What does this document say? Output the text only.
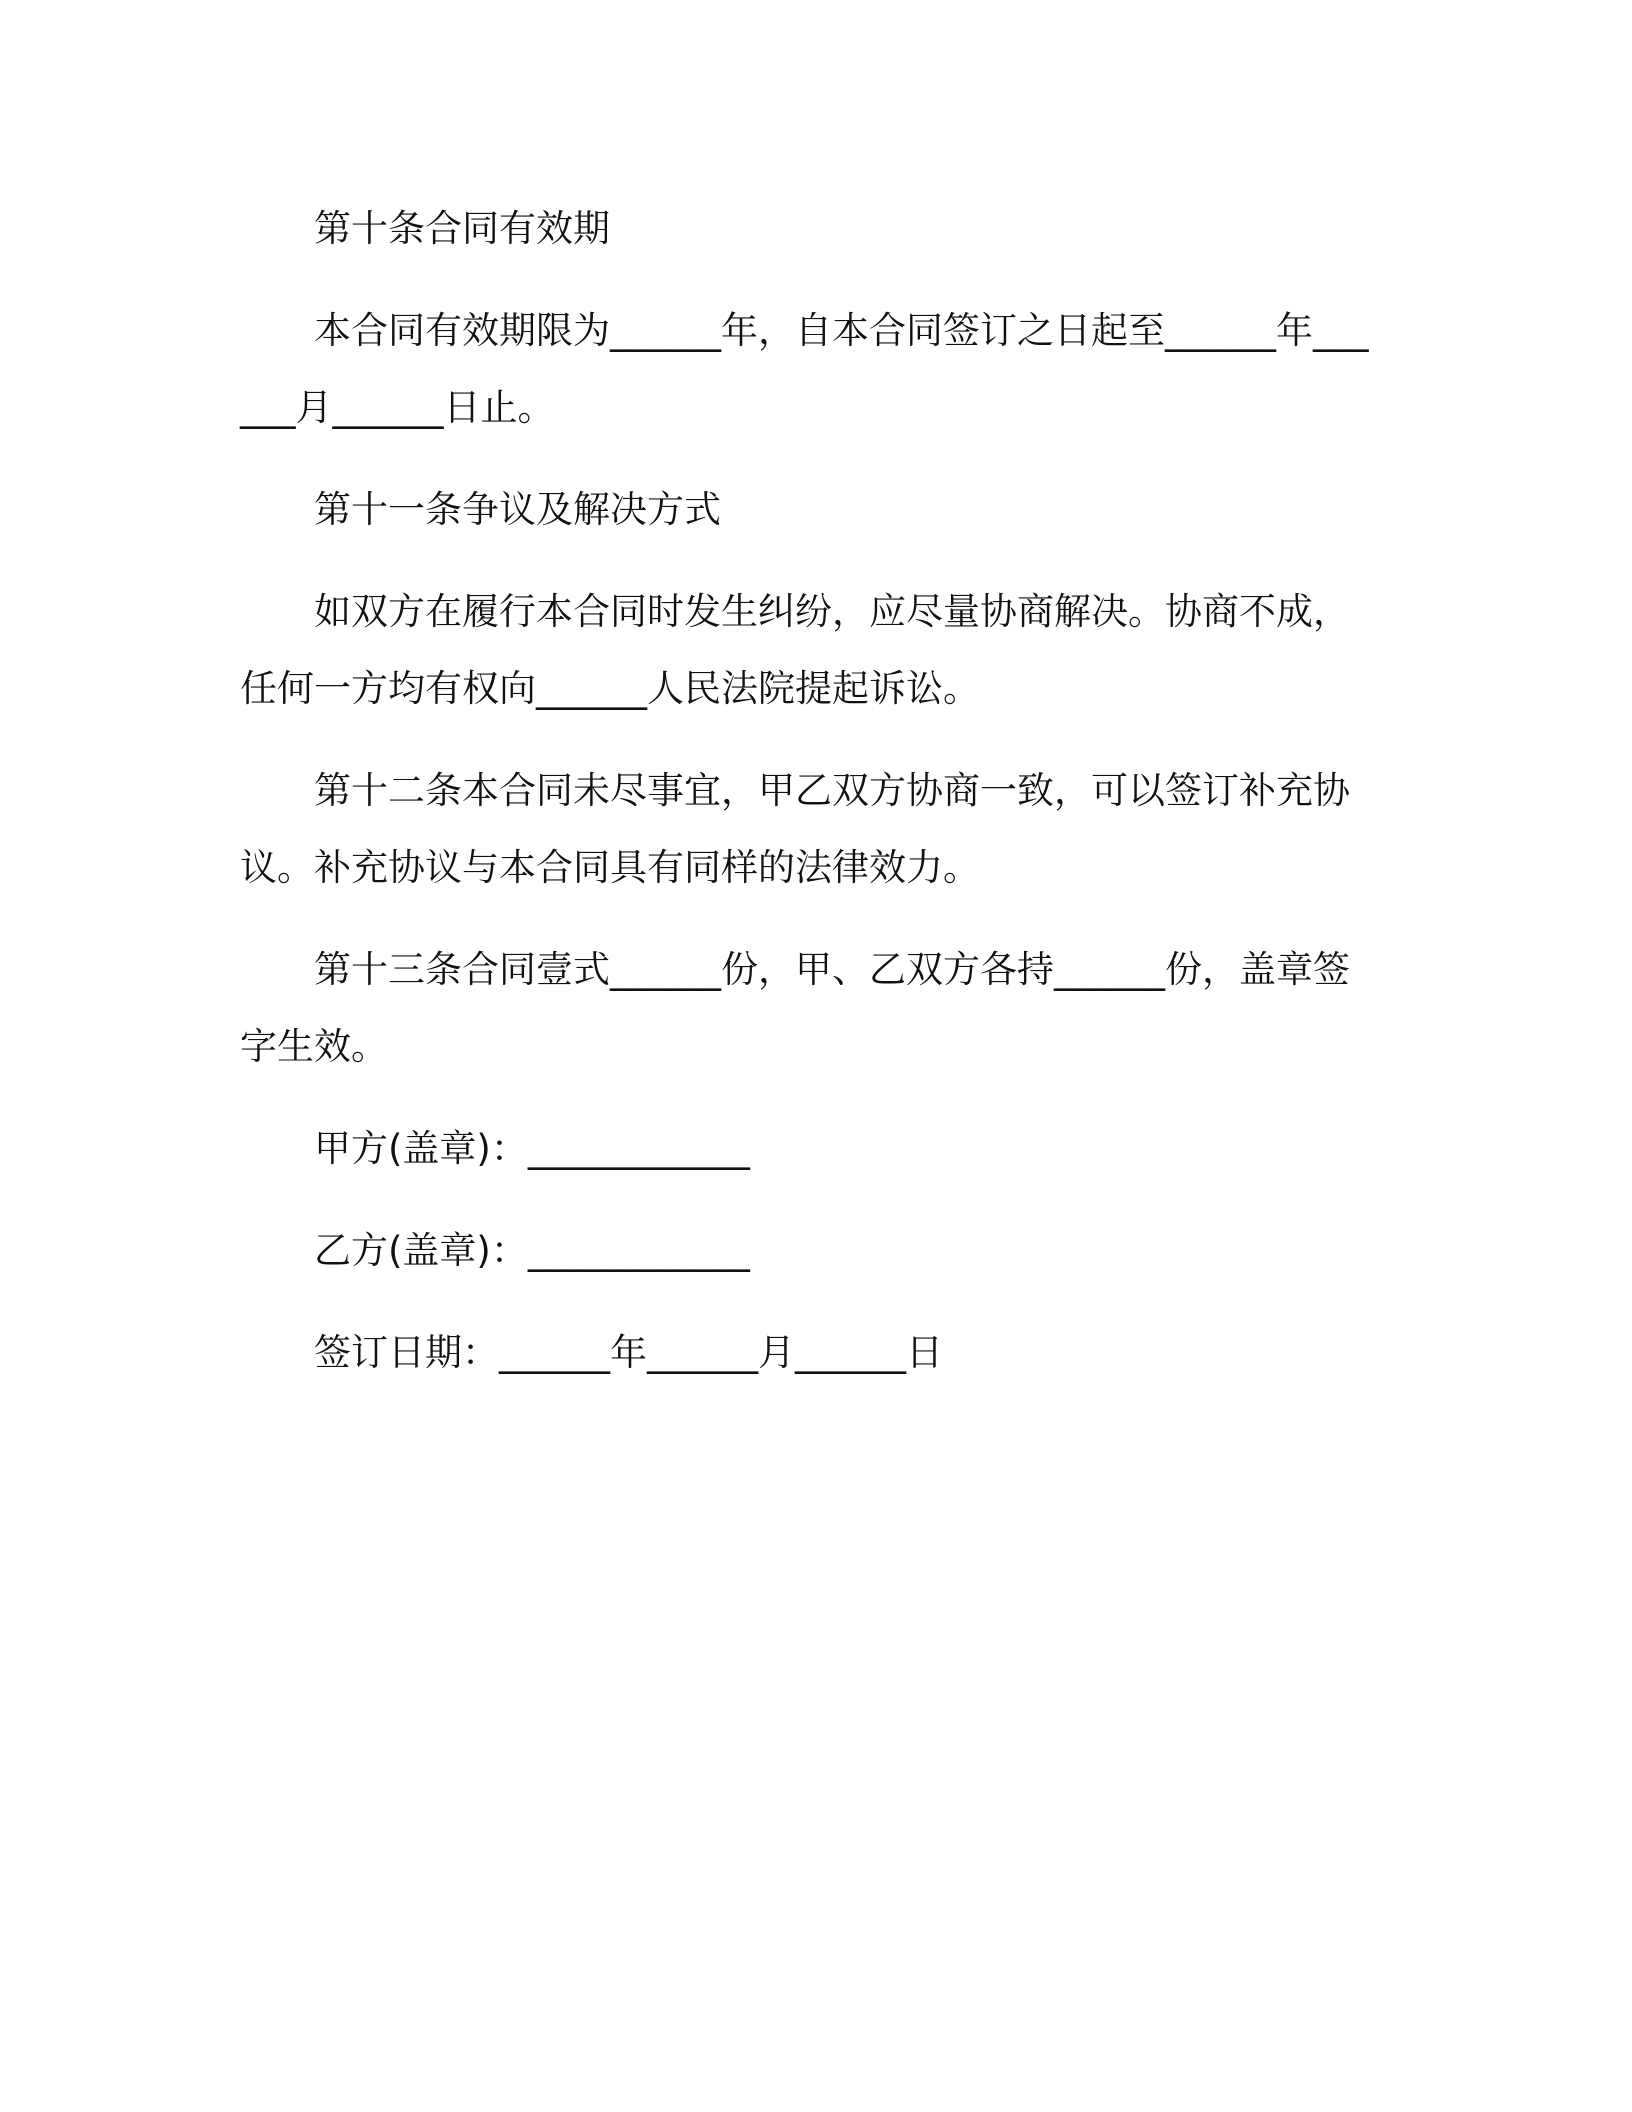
第十条合同有效期

本合同有效期限为______年，自本合同签订之日起至______年______月______日止。

第十一条争议及解决方式

如双方在履行本合同时发生纠纷，应尽量协商解决。协商不成，任何一方均有权向______人民法院提起诉讼。

第十二条本合同未尽事宜，甲乙双方协商一致，可以签订补充协议。补充协议与本合同具有同样的法律效力。

第十三条合同壹式______份，甲、乙双方各持______份，盖章签字生效。

甲方(盖章)：____________

乙方(盖章)：____________

签订日期：______年______月______日
